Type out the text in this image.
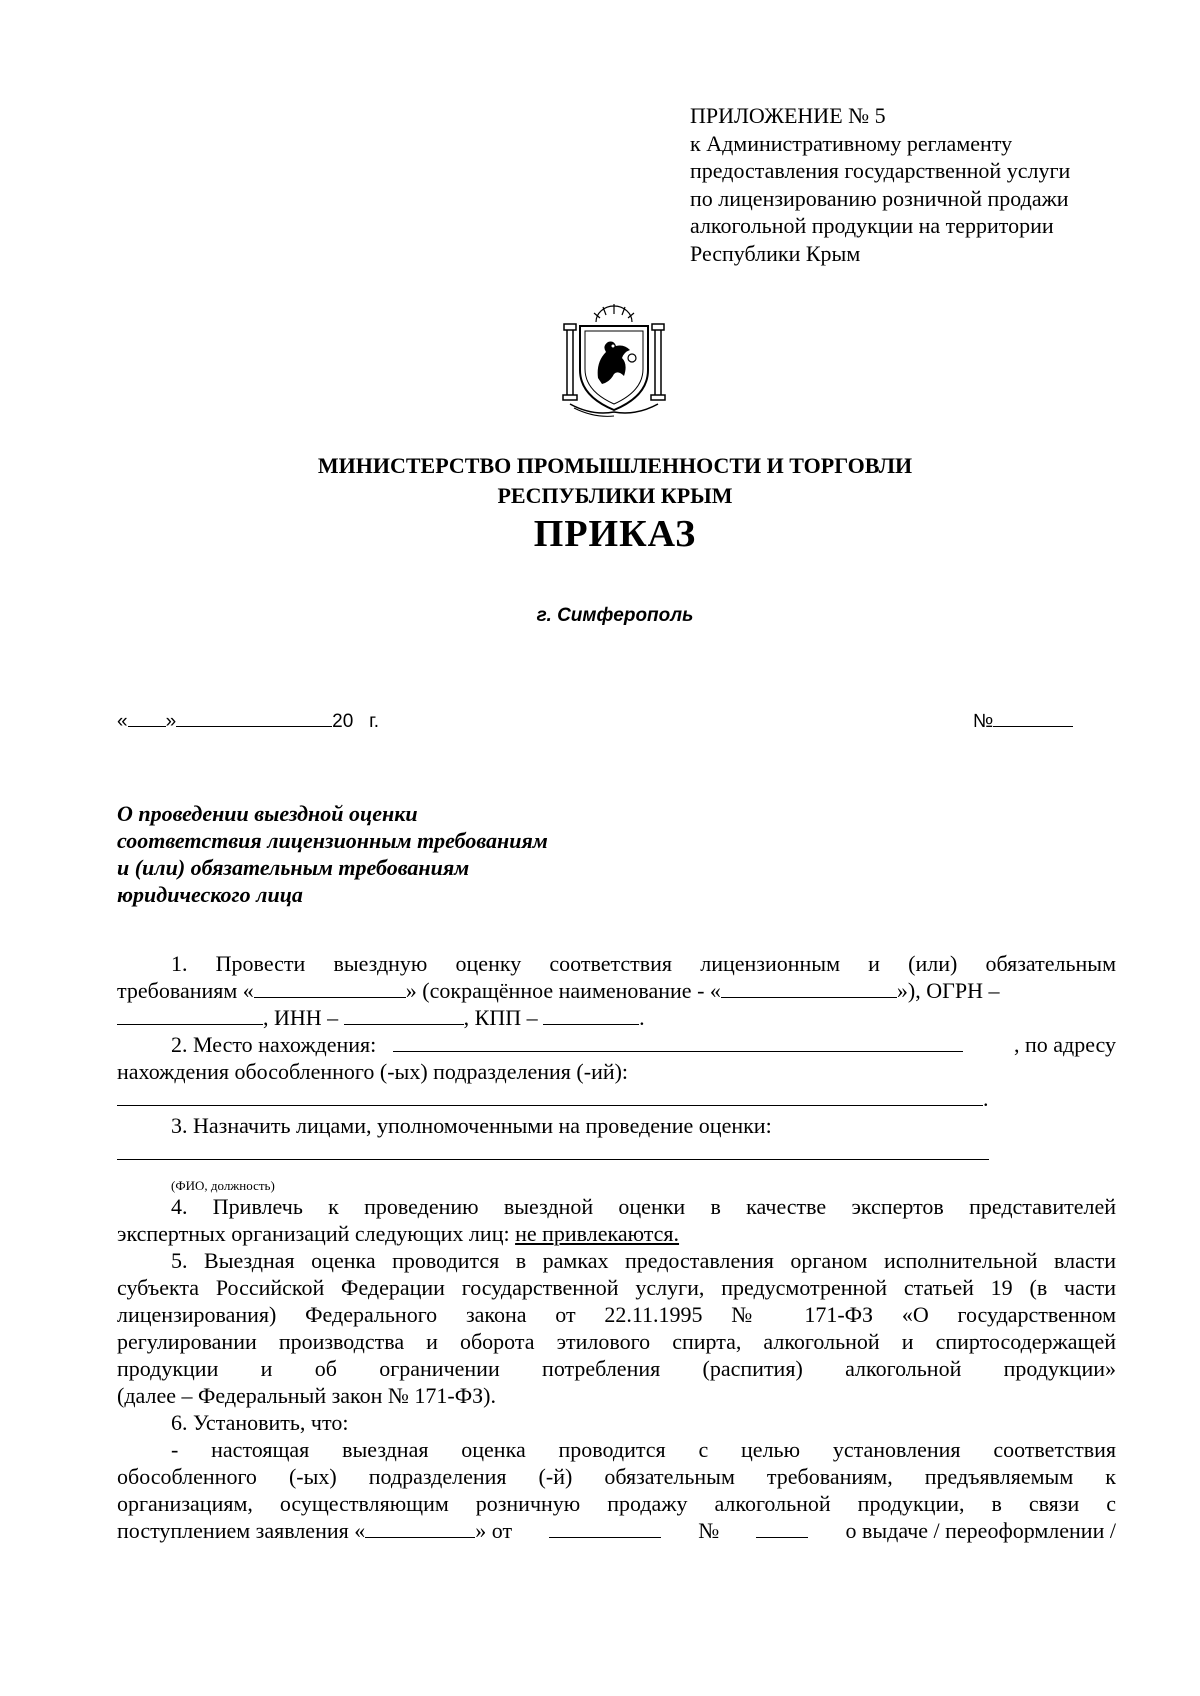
ПРИЛОЖЕНИЕ № 5
к Административному регламенту
предоставления государственной услуги
по лицензированию розничной продажи
алкогольной продукции на территории
Республики Крым
МИНИСТЕРСТВО ПРОМЫШЛЕННОСТИ И ТОРГОВЛИ
РЕСПУБЛИКИ КРЫМ
ПРИКАЗ
г. Симферополь
« »	20 г.	№
О проведении выездной оценки
соответствия лицензионным требованиям
и (или) обязательным требованиям
юридического лица
1. Провести выездную оценку соответствия лицензионным и (или) обязательным
требованиям «	» (сокращённое наименование - «	»), ОГРН –
, ИНН –	, КПП –	.
2. Место нахождения:	, по адресу
нахождения обособленного (-ых) подразделения (-ий):
.
3. Назначить лицами, уполномоченными на проведение оценки:
(ФИО, должность)
4. Привлечь к проведению выездной оценки в качестве экспертов представителей
экспертных организаций следующих лиц: не привлекаются.
5. Выездная оценка проводится в рамках предоставления органом исполнительной власти
субъекта Российской Федерации государственной услуги, предусмотренной статьей 19 (в части
лицензирования) Федерального закона от 22.11.1995 № 171-ФЗ «О государственном
регулировании производства и оборота этилового спирта, алкогольной и спиртосодержащей
продукции и об ограничении потребления (распития) алкогольной продукции»
(далее – Федеральный закон № 171-ФЗ).
6. Установить, что:
- настоящая выездная оценка проводится с целью установления соответствия
обособленного (-ых) подразделения (-й) обязательным требованиям, предъявляемым к
организациям, осуществляющим розничную продажу алкогольной продукции, в связи с
поступлением заявления «	» от	№	о выдаче / переоформлении /
